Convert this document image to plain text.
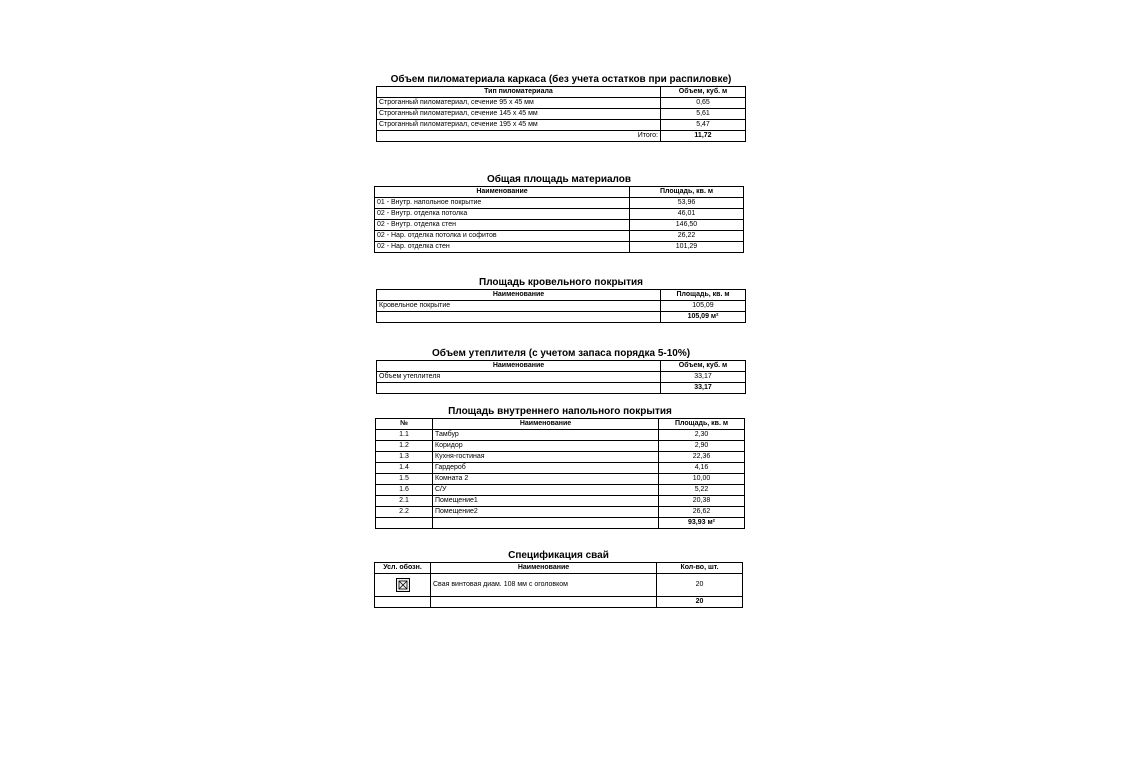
Объем пиломатериала каркаса (без учета остатков при распиловке)
Тип пиломатериала	Объем, куб. м
Строганный пиломатериал, сечение 95 х 45 мм	0,65
Строганный пиломатериал, сечение 145 х 45 мм	5,61
Строганный пиломатериал, сечение 195 х 45 мм	5,47
Итого:	11,72
Общая площадь материалов
Наименование	Площадь, кв. м
01 - Внутр. напольное покрытие	53,96
02 - Внутр. отделка потолка	46,01
02 - Внутр. отделка стен	146,50
02 - Нар. отделка потолка и софитов	26,22
02 - Нар. отделка стен	101,29
Площадь кровельного покрытия
Наименование	Площадь, кв. м
Кровельное покрытие	105,09
	105,09 м²
Объем утеплителя (с учетом запаса порядка 5-10%)
Наименование	Объем, куб. м
Объем утеплителя	33,17
	33,17
Площадь внутреннего напольного покрытия
№	Наименование	Площадь, кв. м
1.1	Тамбур	2,30
1.2	Коридор	2,90
1.3	Кухня-гостиная	22,36
1.4	Гардероб	4,16
1.5	Комната 2	10,00
1.6	С/У	5,22
2.1	Помещение1	20,38
2.2	Помещение2	26,62
		93,93 м²
Спецификация свай
Усл. обозн.	Наименование	Кол-во, шт.

	Свая винтовая диам. 108 мм с оголовком	20
		20
